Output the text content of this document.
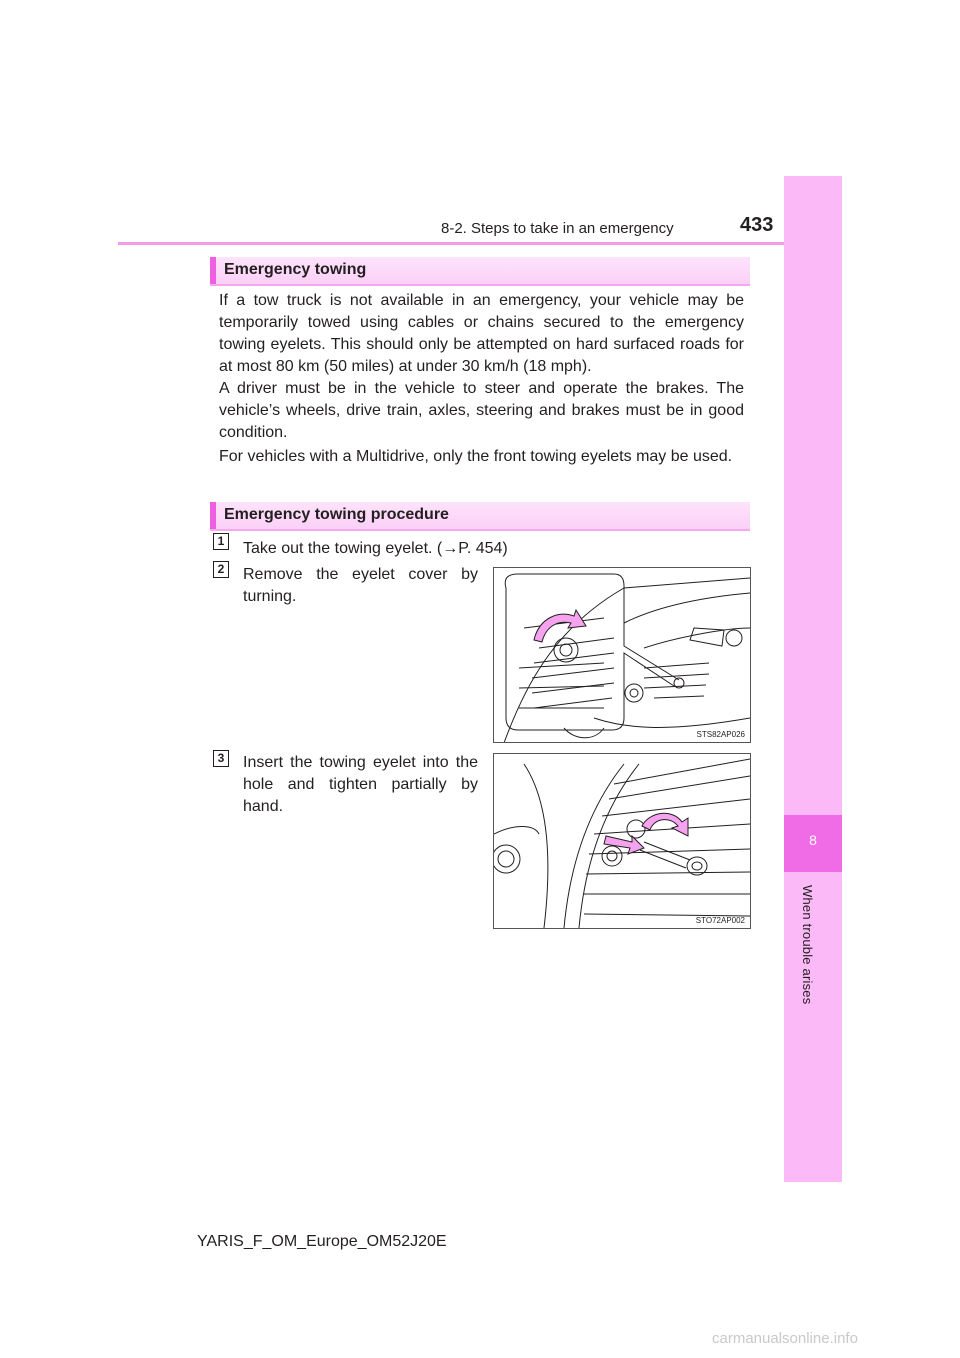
8-2. Steps to take in an emergency	433
8
When trouble arises
Emergency towing
If a tow truck is not available in an emergency, your vehicle may be temporarily towed using cables or chains secured to the emergency towing eyelets. This should only be attempted on hard surfaced roads for at most 80 km (50 miles) at under 30 km/h (18 mph).
A driver must be in the vehicle to steer and operate the brakes. The vehicle’s wheels, drive train, axles, steering and brakes must be in good condition.
For vehicles with a Multidrive, only the front towing eyelets may be used.
Emergency towing procedure
1 Take out the towing eyelet. (→P. 454)
2 Remove the eyelet cover by turning.
STS82AP026
3 Insert the towing eyelet into the hole and tighten partially by hand.
STO72AP002
YARIS_F_OM_Europe_OM52J20E
carmanualsonline.info
